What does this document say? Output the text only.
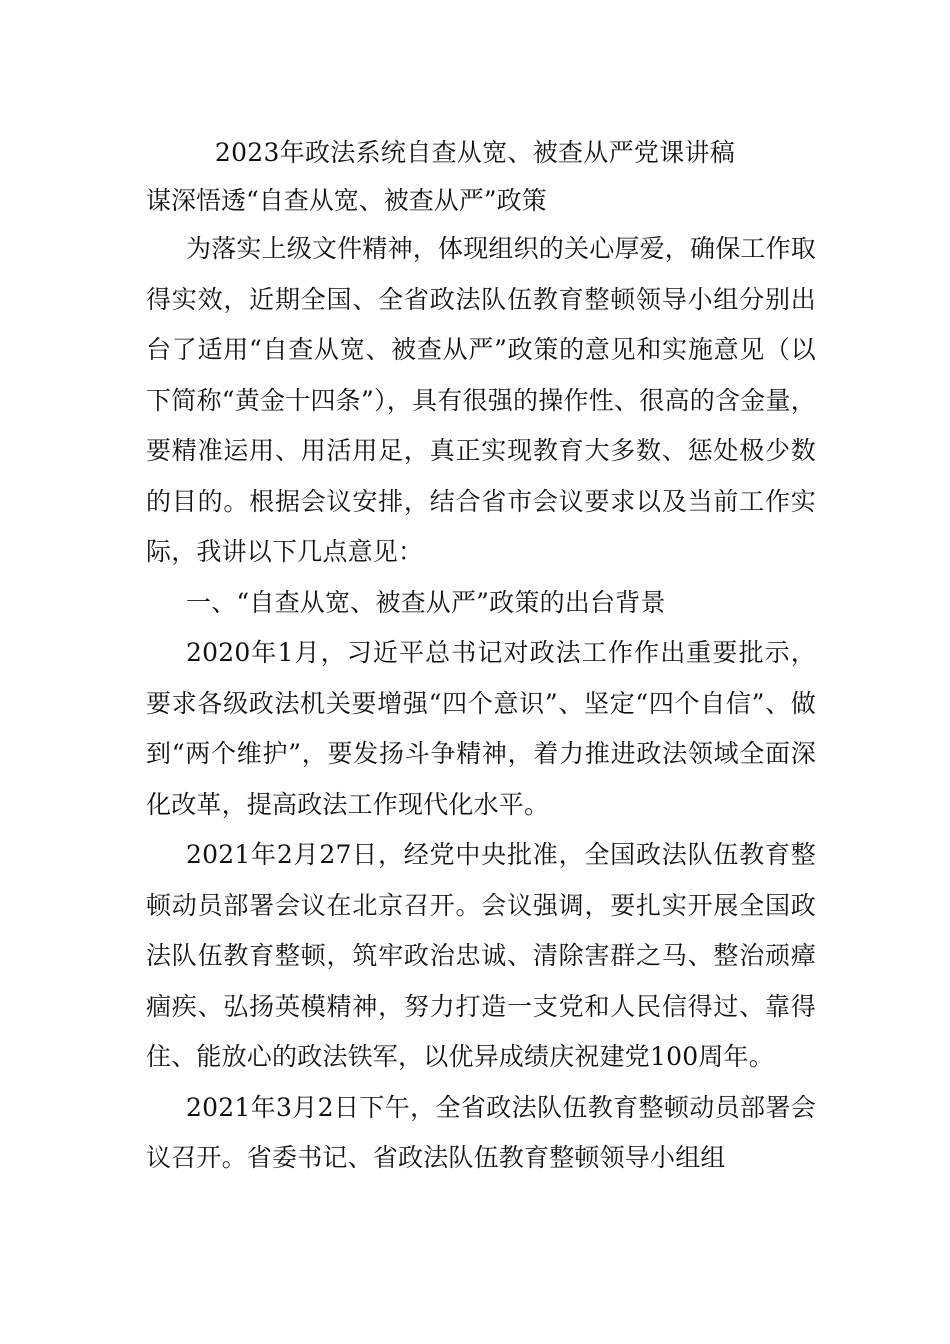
2023年政法系统自查从宽、被查从严党课讲稿
谋深悟透“自查从宽、被查从严”政策

为落实上级文件精神，体现组织的关心厚爱，确保工作取得实效，近期全国、全省政法队伍教育整顿领导小组分别出台了适用“自查从宽、被查从严”政策的意见和实施意见（以下简称“黄金十四条”），具有很强的操作性、很高的含金量，要精准运用、用活用足，真正实现教育大多数、惩处极少数的目的。根据会议安排，结合省市会议要求以及当前工作实际，我讲以下几点意见：

一、“自查从宽、被查从严”政策的出台背景

2020年1月，习近平总书记对政法工作作出重要批示，要求各级政法机关要增强“四个意识”、坚定“四个自信”、做到“两个维护”，要发扬斗争精神，着力推进政法领域全面深化改革，提高政法工作现代化水平。

2021年2月27日，经党中央批准，全国政法队伍教育整顿动员部署会议在北京召开。会议强调，要扎实开展全国政法队伍教育整顿，筑牢政治忠诚、清除害群之马、整治顽瘴痼疾、弘扬英模精神，努力打造一支党和人民信得过、靠得住、能放心的政法铁军，以优异成绩庆祝建党100周年。

2021年3月2日下午，全省政法队伍教育整顿动员部署会议召开。省委书记、省政法队伍教育整顿领导小组组
